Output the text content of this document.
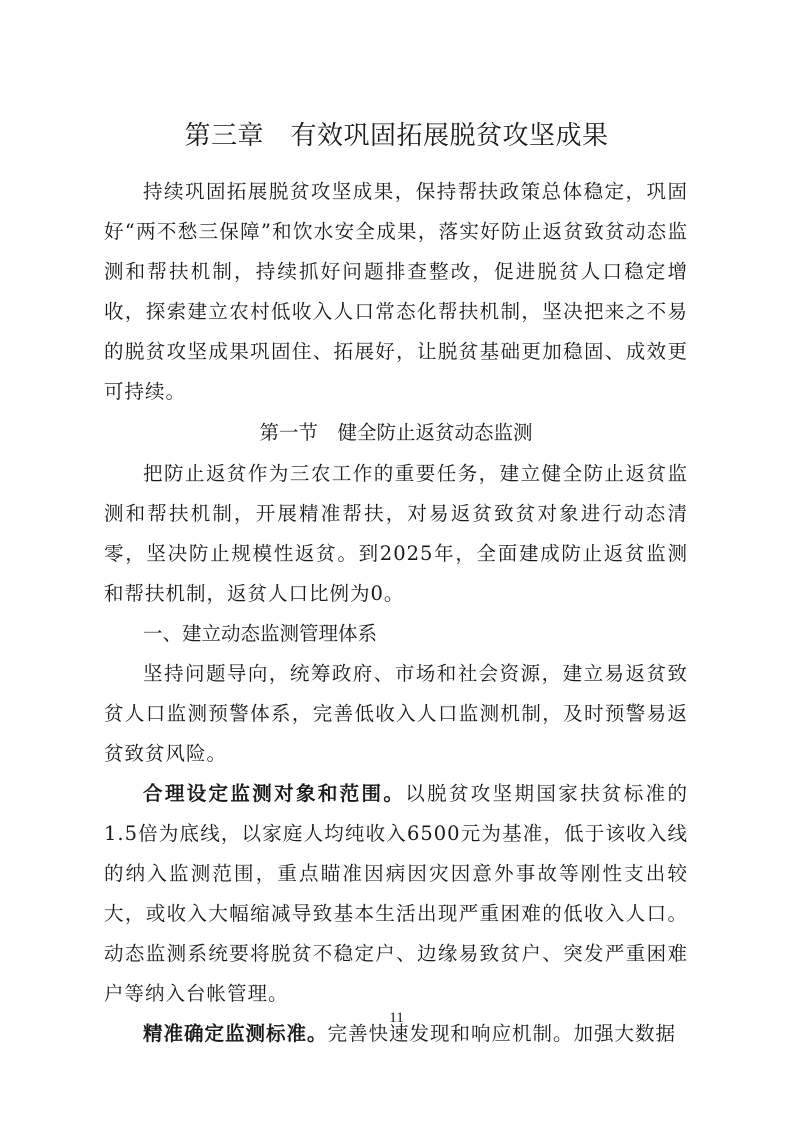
第三章　有效巩固拓展脱贫攻坚成果

持续巩固拓展脱贫攻坚成果，保持帮扶政策总体稳定，巩固好“两不愁三保障”和饮水安全成果，落实好防止返贫致贫动态监测和帮扶机制，持续抓好问题排查整改，促进脱贫人口稳定增收，探索建立农村低收入人口常态化帮扶机制，坚决把来之不易的脱贫攻坚成果巩固住、拓展好，让脱贫基础更加稳固、成效更可持续。

第一节　健全防止返贫动态监测

把防止返贫作为三农工作的重要任务，建立健全防止返贫监测和帮扶机制，开展精准帮扶，对易返贫致贫对象进行动态清零，坚决防止规模性返贫。到2025年，全面建成防止返贫监测和帮扶机制，返贫人口比例为0。

一、建立动态监测管理体系

坚持问题导向，统筹政府、市场和社会资源，建立易返贫致贫人口监测预警体系，完善低收入人口监测机制，及时预警易返贫致贫风险。

合理设定监测对象和范围。以脱贫攻坚期国家扶贫标准的1.5倍为底线，以家庭人均纯收入6500元为基准，低于该收入线的纳入监测范围，重点瞄准因病因灾因意外事故等刚性支出较大，或收入大幅缩减导致基本生活出现严重困难的低收入人口。动态监测系统要将脱贫不稳定户、边缘易致贫户、突发严重困难户等纳入台帐管理。

精准确定监测标准。完善快速发现和响应机制。加强大数据

11
